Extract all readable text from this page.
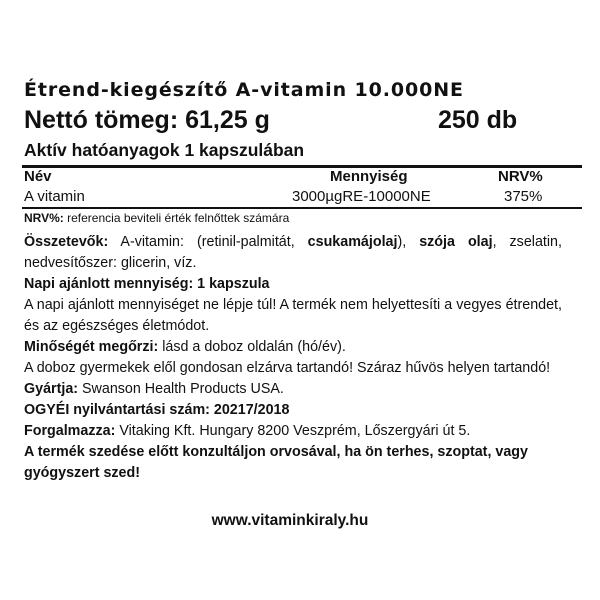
Étrend-kiegészítő A-vitamin 10.000NE
Nettó tömeg: 61,25 g	250 db
Aktív hatóanyagok 1 kapszulában
Név	Mennyiség	NRV%
A vitamin	3000µgRE-10000NE	375%
NRV%: referencia beviteli érték felnőttek számára

Összetevők: A-vitamin: (retinil-palmitát, csukamájolaj), szója olaj, zselatin, nedvesítőszer: glicerin, víz.

Napi ajánlott mennyiség: 1 kapszula

A napi ajánlott mennyiséget ne lépje túl! A termék nem helyettesíti a vegyes étrendet, és az egészséges életmódot.

Minőségét megőrzi: lásd a doboz oldalán (hó/év).

A doboz gyermekek elől gondosan elzárva tartandó! Száraz hűvös helyen tartandó!

Gyártja: Swanson Health Products USA.

OGYÉI nyilvántartási szám: 20217/2018

Forgalmazza: Vitaking Kft. Hungary 8200 Veszprém, Lőszergyári út 5.

A termék szedése előtt konzultáljon orvosával, ha ön terhes, szoptat, vagy gyógyszert szed!

www.vitaminkiraly.hu
